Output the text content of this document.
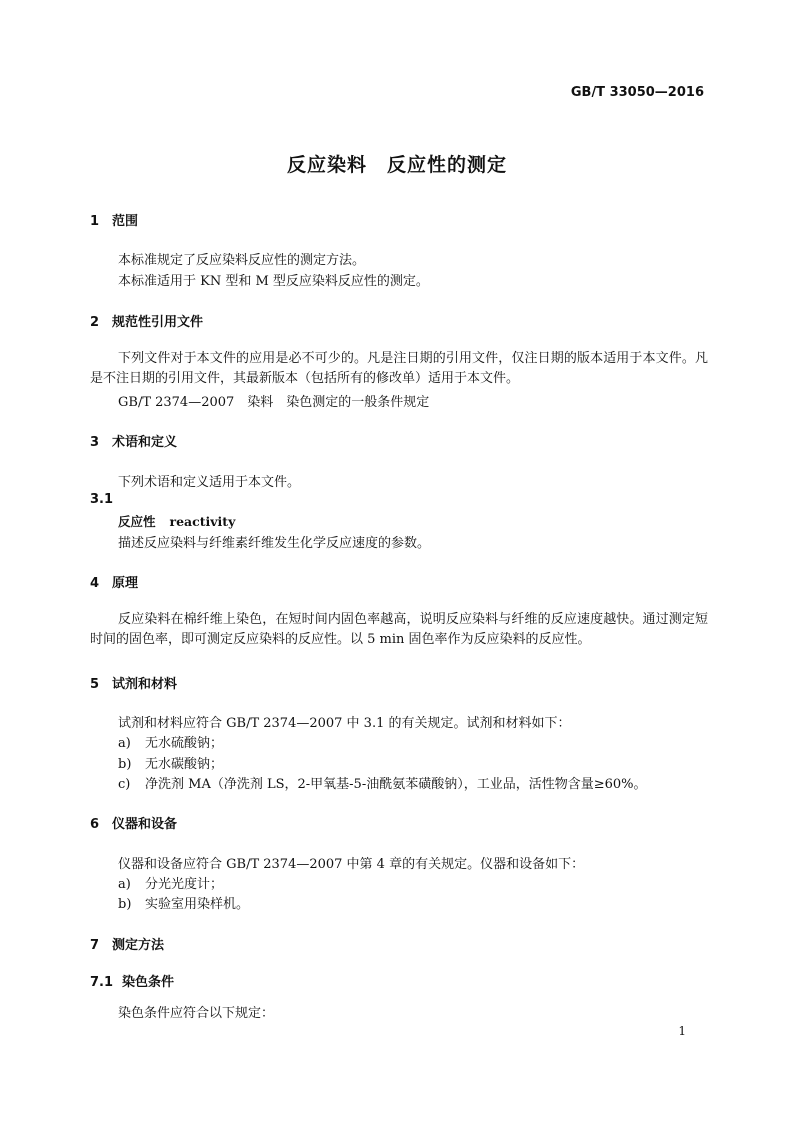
GB/T 33050—2016
反应染料　反应性的测定
1 范围
本标准规定了反应染料反应性的测定方法。
本标准适用于 KN 型和 M 型反应染料反应性的测定。
2 规范性引用文件
下列文件对于本文件的应用是必不可少的。凡是注日期的引用文件，仅注日期的版本适用于本文件。凡是不注日期的引用文件，其最新版本（包括所有的修改单）适用于本文件。
GB/T 2374—2007　染料　染色测定的一般条件规定
3 术语和定义
下列术语和定义适用于本文件。
3.1
反应性 reactivity
描述反应染料与纤维素纤维发生化学反应速度的参数。
4 原理
反应染料在棉纤维上染色，在短时间内固色率越高，说明反应染料与纤维的反应速度越快。通过测定短时间的固色率，即可测定反应染料的反应性。以 5 min 固色率作为反应染料的反应性。
5 试剂和材料
试剂和材料应符合 GB/T 2374—2007 中 3.1 的有关规定。试剂和材料如下：
a) 无水硫酸钠；
b) 无水碳酸钠；
c) 净洗剂 MA（净洗剂 LS，2-甲氧基-5-油酰氨苯磺酸钠），工业品，活性物含量≥60%。
6 仪器和设备
仪器和设备应符合 GB/T 2374—2007 中第 4 章的有关规定。仪器和设备如下：
a) 分光光度计；
b) 实验室用染样机。
7 测定方法
7.1 染色条件
染色条件应符合以下规定：
1
